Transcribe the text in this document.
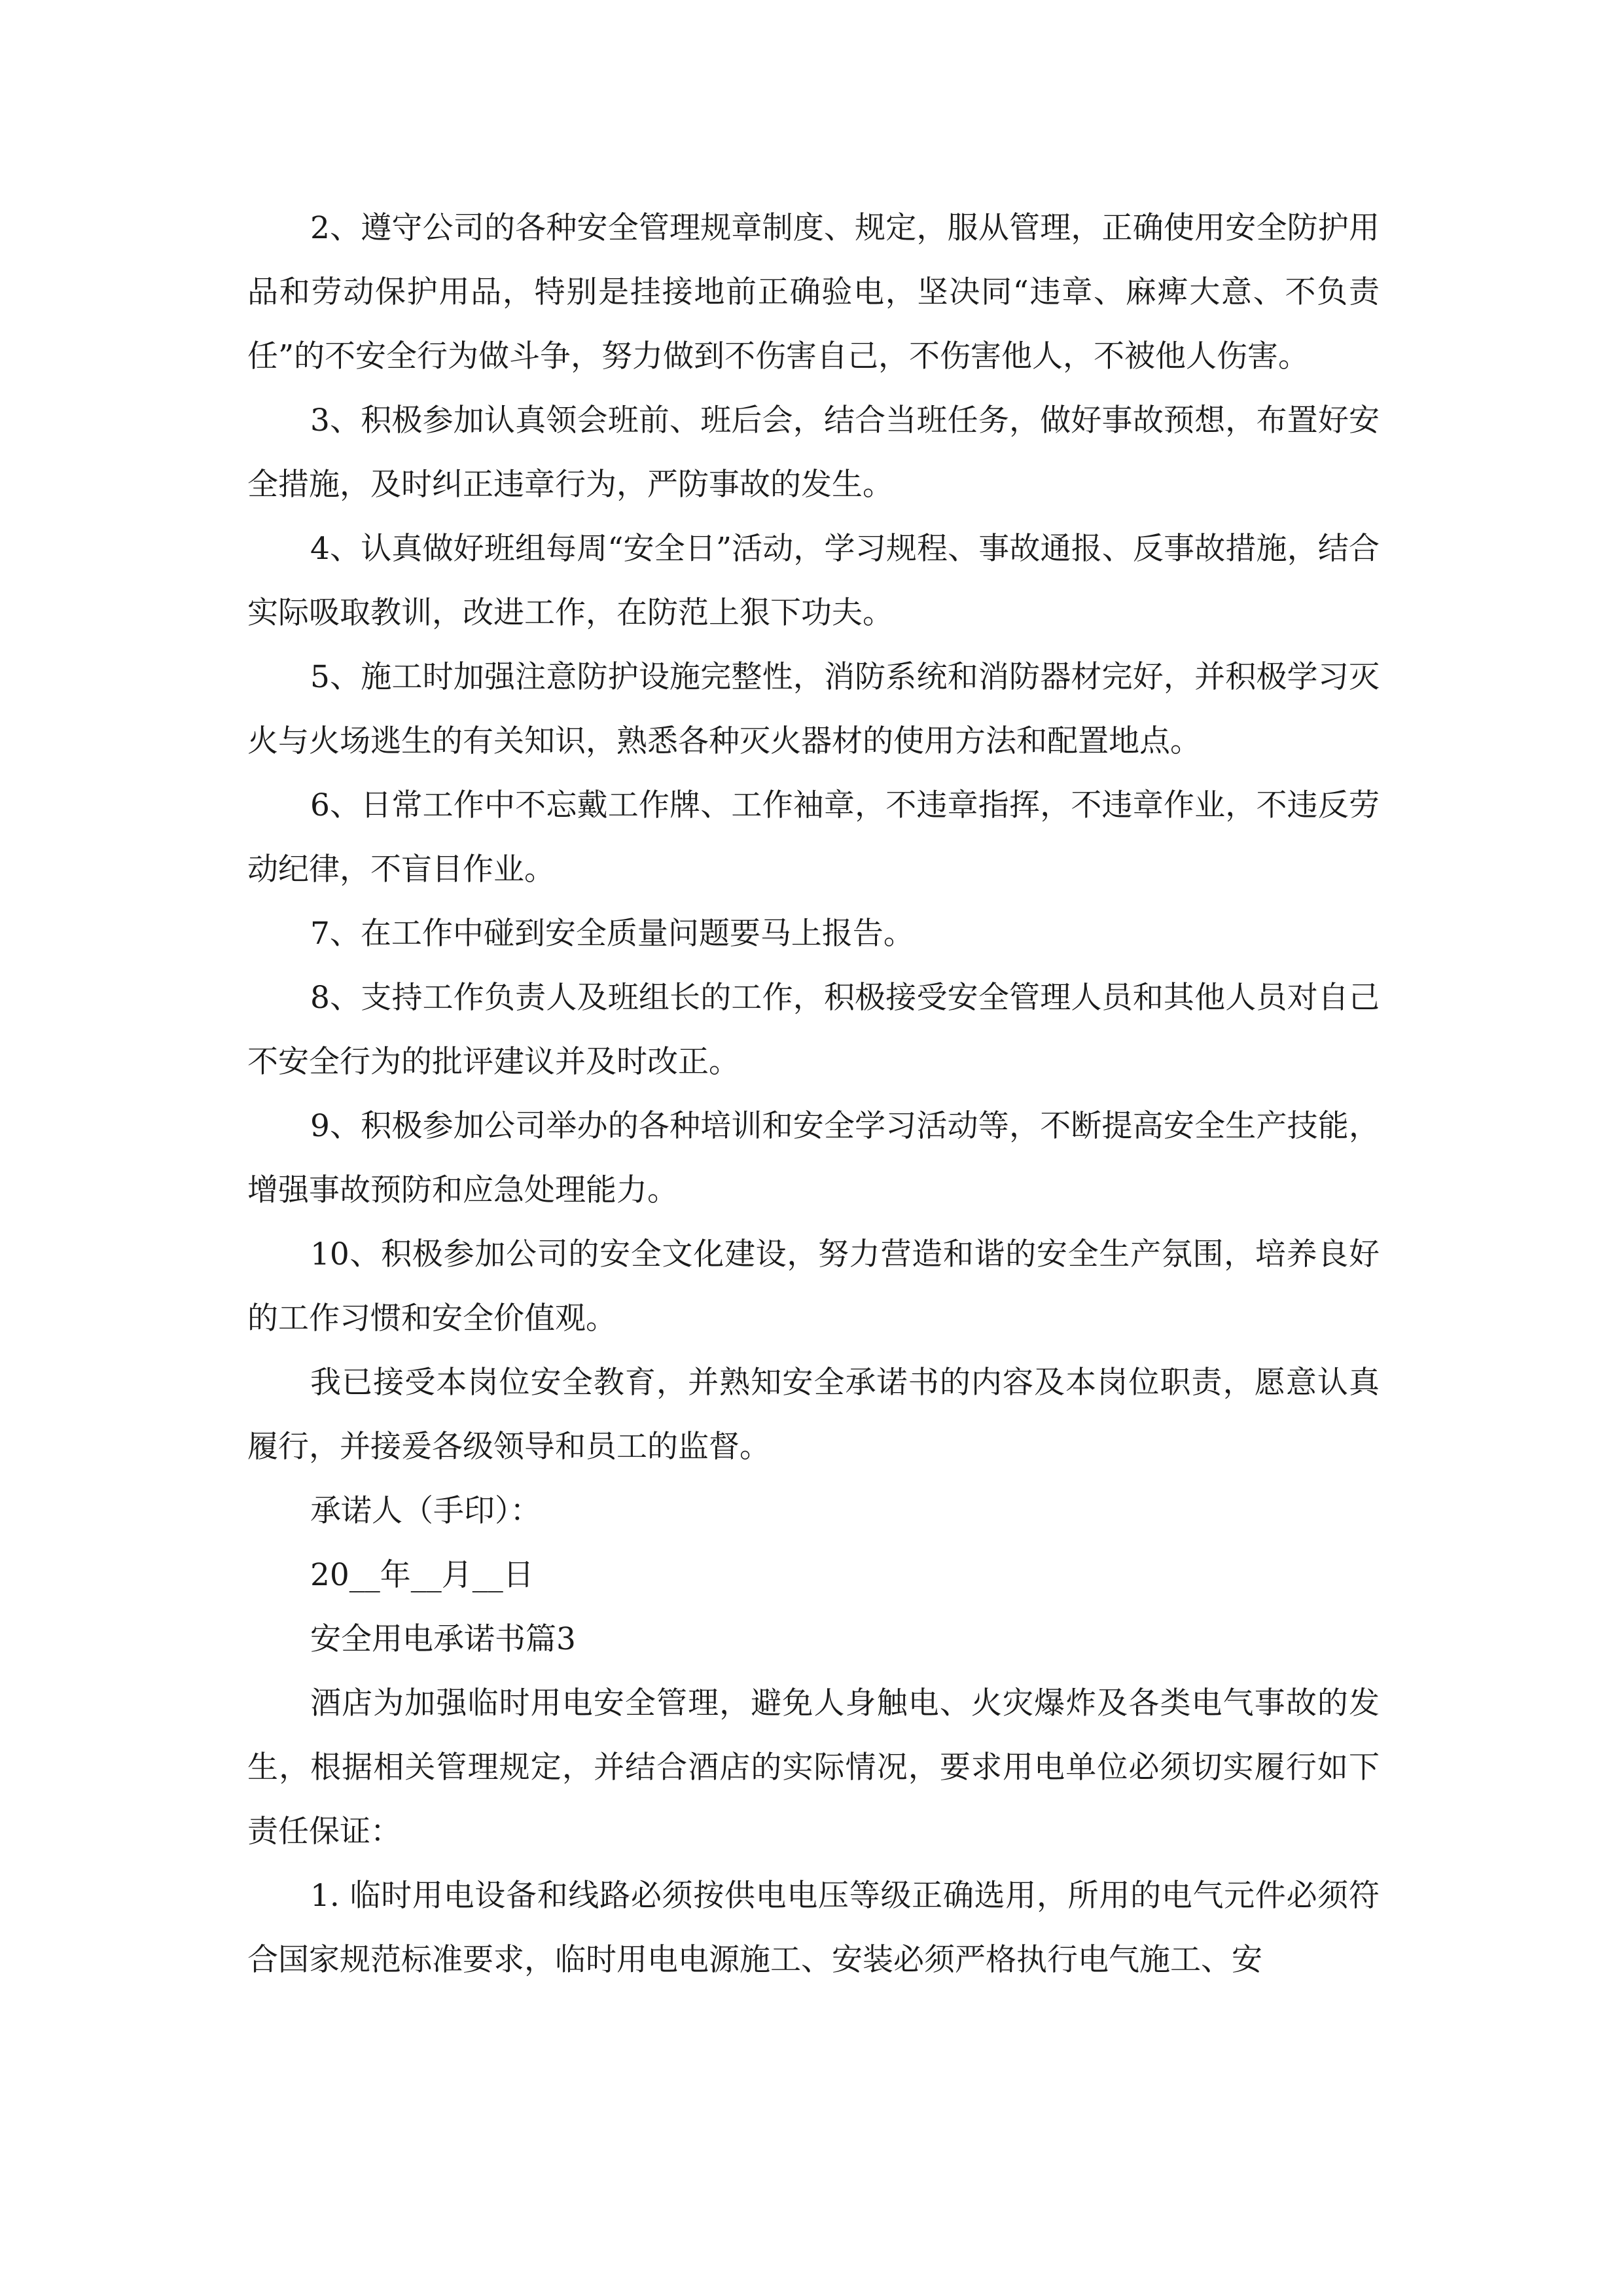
2、遵守公司的各种安全管理规章制度、规定，服从管理，正确使用安全防护用品和劳动保护用品，特别是挂接地前正确验电，坚决同“违章、麻痺大意、不负责任”的不安全行为做斗争，努力做到不伤害自己，不伤害他人，不被他人伤害。

3、积极参加认真领会班前、班后会，结合当班任务，做好事故预想，布置好安全措施，及时纠正违章行为，严防事故的发生。

4、认真做好班组每周“安全日”活动，学习规程、事故通报、反事故措施，结合实际吸取教训，改进工作，在防范上狠下功夫。

5、施工时加强注意防护设施完整性，消防系统和消防器材完好，并积极学习灭火与火场逃生的有关知识，熟悉各种灭火器材的使用方法和配置地点。

6、日常工作中不忘戴工作牌、工作袖章，不违章指挥，不违章作业，不违反劳动纪律，不盲目作业。

7、在工作中碰到安全质量问题要马上报告。

8、支持工作负责人及班组长的工作，积极接受安全管理人员和其他人员对自己不安全行为的批评建议并及时改正。

9、积极参加公司举办的各种培训和安全学习活动等，不断提高安全生产技能，增强事故预防和应急处理能力。

10、积极参加公司的安全文化建设，努力营造和谐的安全生产氛围，培养良好的工作习惯和安全价值观。

我已接受本岗位安全教育，并熟知安全承诺书的内容及本岗位职责，愿意认真履行，并接爰各级领导和员工的监督。

承诺人（手印）：

20__年__月__日

安全用电承诺书篇3

酒店为加强临时用电安全管理，避免人身触电、火灾爆炸及各类电气事故的发生，根据相关管理规定，并结合酒店的实际情况，要求用电单位必须切实履行如下责任保证：

1. 临时用电设备和线路必须按供电电压等级正确选用，所用的电气元件必须符合国家规范标准要求，临时用电电源施工、安装必须严格执行电气施工、安
